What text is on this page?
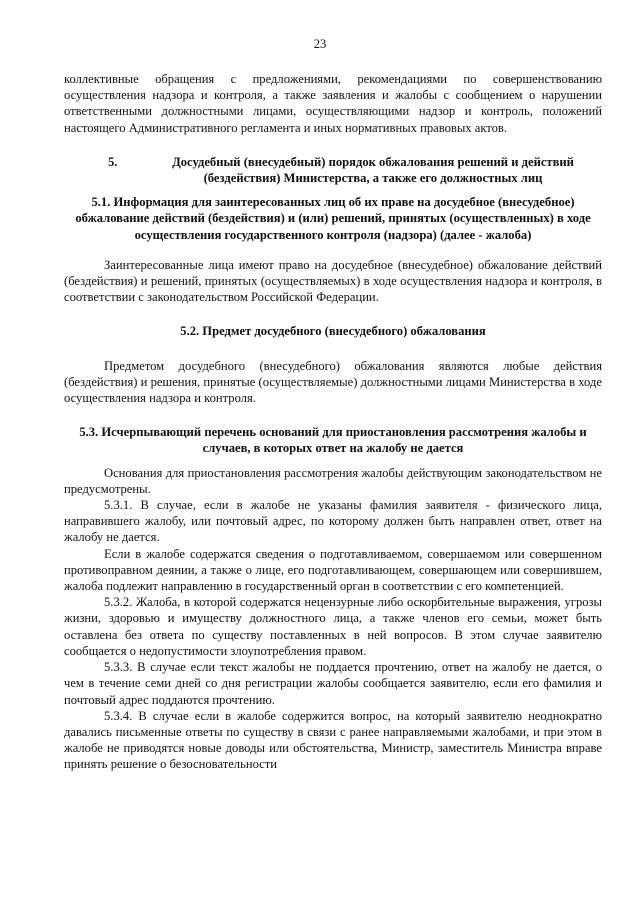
23

коллективные обращения с предложениями, рекомендациями по совершенствованию осуществления надзора и контроля, а также заявления и жалобы с сообщением о нарушении ответственными должностными лицами, осуществляющими надзор и контроль, положений настоящего Административного регламента и иных нормативных правовых актов.

5.	Досудебный (внесудебный) порядок обжалования решений и действий (бездействия) Министерства, а также его должностных лиц
5.1. Информация для заинтересованных лиц об их праве на досудебное (внесудебное) обжалование действий (бездействия) и (или) решений, принятых (осуществленных) в ходе осуществления государственного контроля (надзора) (далее - жалоба)

Заинтересованные лица имеют право на досудебное (внесудебное) обжалование действий (бездействия) и решений, принятых (осуществляемых) в ходе осуществления надзора и контроля, в соответствии с законодательством Российской Федерации.

5.2. Предмет досудебного (внесудебного) обжалования

Предметом досудебного (внесудебного) обжалования являются любые действия (бездействия) и решения, принятые (осуществляемые) должностными лицами Министерства в ходе осуществления надзора и контроля.

5.3. Исчерпывающий перечень оснований для приостановления рассмотрения жалобы и случаев, в которых ответ на жалобу не дается

Основания для приостановления рассмотрения жалобы действующим законодательством не предусмотрены.

5.3.1. В случае, если в жалобе не указаны фамилия заявителя - физического лица, направившего жалобу, или почтовый адрес, по которому должен быть направлен ответ, ответ на жалобу не дается.

Если в жалобе содержатся сведения о подготавливаемом, совершаемом или совершенном противоправном деянии, а также о лице, его подготавливающем, совершающем или совершившем, жалоба подлежит направлению в государственный орган в соответствии с его компетенцией.

5.3.2. Жалоба, в которой содержатся нецензурные либо оскорбительные выражения, угрозы жизни, здоровью и имуществу должностного лица, а также членов его семьи, может быть оставлена без ответа по существу поставленных в ней вопросов. В этом случае заявителю сообщается о недопустимости злоупотребления правом.

5.3.3. В случае если текст жалобы не поддается прочтению, ответ на жалобу не дается, о чем в течение семи дней со дня регистрации жалобы сообщается заявителю, если его фамилия и почтовый адрес поддаются прочтению.

5.3.4. В случае если в жалобе содержится вопрос, на который заявителю неоднократно давались письменные ответы по существу в связи с ранее направляемыми жалобами, и при этом в жалобе не приводятся новые доводы или обстоятельства, Министр, заместитель Министра вправе принять решение о безосновательности
